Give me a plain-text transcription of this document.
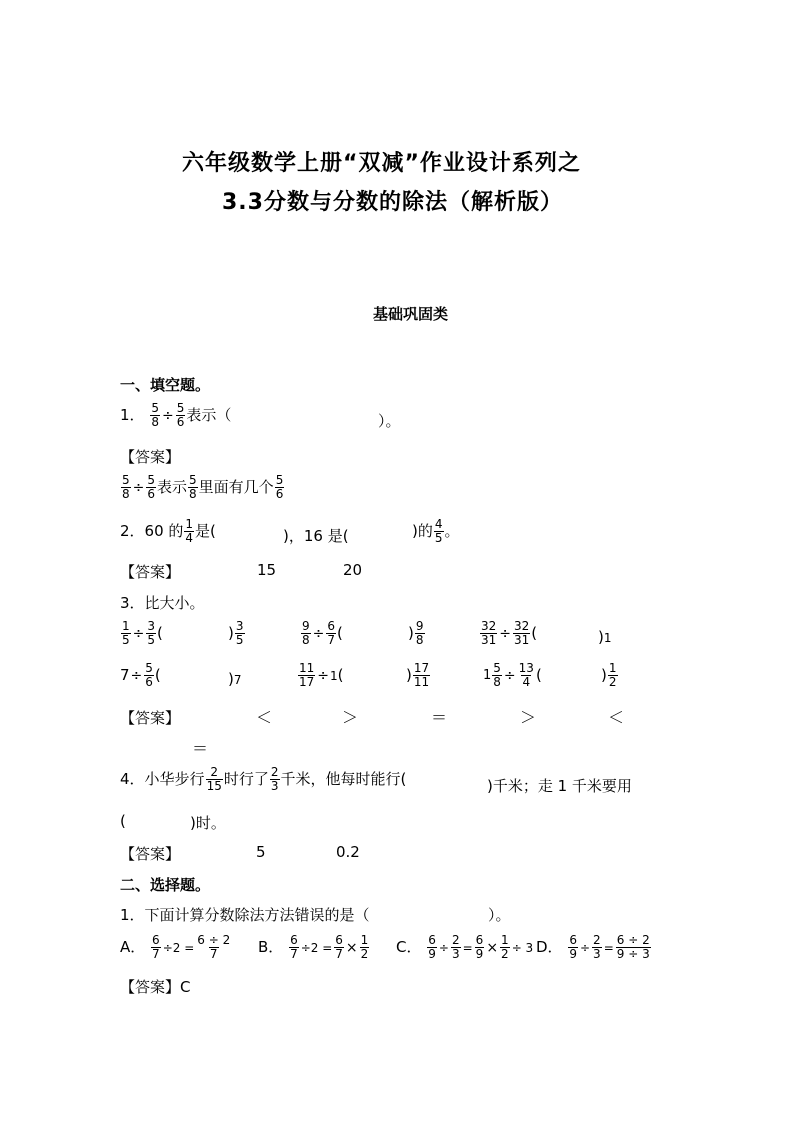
六年级数学上册“双减”作业设计系列之
3.3分数与分数的除法（解析版）
基础巩固类
一、填空题。
1． $\frac{5}{8} \div \frac{5}{6}$ 表示（	）。
【答案】
$\frac{5}{8} \div \frac{5}{6}$ 表示 $\frac{5}{8}$ 里面有几个 $\frac{5}{6}$
2．60 的 $\frac{1}{4}$ 是(	)，16 是(	)的 $\frac{4}{5}$ 。
【答案】	15	20
3．比大小。
$\frac{1}{5} \div \frac{3}{5}$ (	) $\frac{3}{5}$	$\frac{9}{8} \div \frac{6}{7}$ (	) $\frac{9}{8}$	$\frac{32}{31} \div \frac{32}{31}$ (	)1
$7\div \frac{5}{6}$ (	)7	$\frac{11}{17} \div 1$(	) $\frac{17}{11}$	$1 \frac{5}{8} \div \frac{13}{4}$ (	) $\frac{1}{2}$
【答案】	＜	＞	＝	＞	＜
＝
4．小华步行 $\frac{2}{15}$ 时行了 $\frac{2}{3}$ 千米，他每时能行(	)千米；走 1 千米要用
(	)时。
【答案】	5	0.2
二、选择题。
1．下面计算分数除法方法错误的是（	）。
A． $\frac{6}{7} \div 2 = \frac{6 \div 2}{7}$ B． $\frac{6}{7} \div 2 = \frac{6}{7} \times \frac{1}{2}$ C． $\frac{6}{9} \div \frac{2}{3} = \frac{6}{9} \times \frac{1}{2} \div 3$ D． $\frac{6}{9} \div \frac{2}{3} = \frac{6 \div 2}{9 \div 3}$
【答案】C
